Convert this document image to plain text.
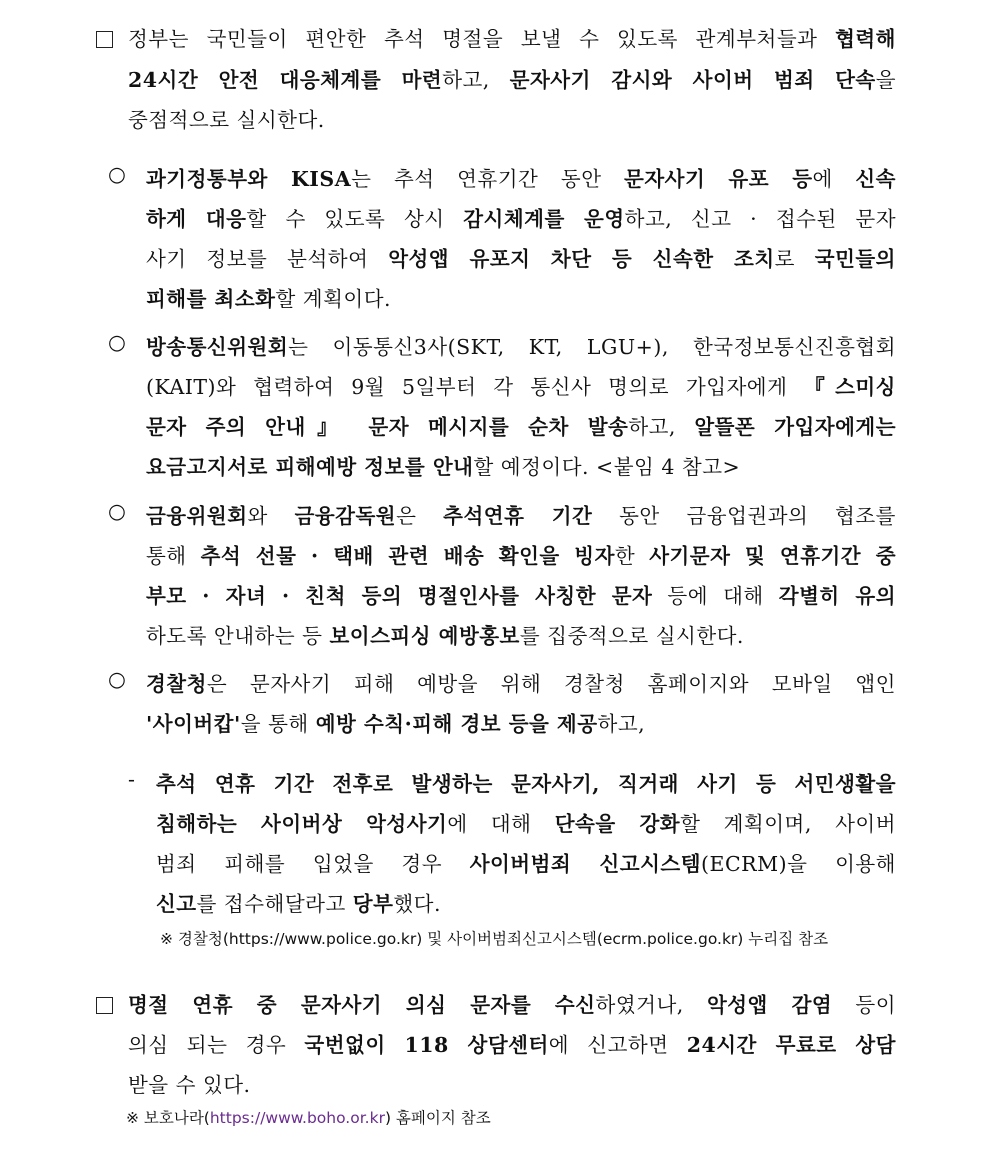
정부는 국민들이 편안한 추석 명절을 보낼 수 있도록 관계부처들과 협력해
24시간 안전 대응체계를 마련하고, 문자사기 감시와 사이버 범죄 단속을
중점적으로 실시한다.
○ 과기정통부와 KISA는 추석 연휴기간 동안 문자사기 유포 등에 신속
하게 대응할 수 있도록 상시 감시체계를 운영하고, 신고 · 접수된 문자
사기 정보를 분석하여 악성앱 유포지 차단 등 신속한 조치로 국민들의
피해를 최소화할 계획이다.
○ 방송통신위원회는 이동통신3사(SKT, KT, LGU+), 한국정보통신진흥협회
(KAIT)와 협력하여 9월 5일부터 각 통신사 명의로 가입자에게 『스미싱
문자 주의 안내』 문자 메시지를 순차 발송하고, 알뜰폰 가입자에게는
요금고지서로 피해예방 정보를 안내할 예정이다. <붙임 4 참고>
○ 금융위원회와 금융감독원은 추석연휴 기간 동안 금융업권과의 협조를
통해 추석 선물 · 택배 관련 배송 확인을 빙자한 사기문자 및 연휴기간 중
부모 · 자녀 · 친척 등의 명절인사를 사칭한 문자 등에 대해 각별히 유의
하도록 안내하는 등 보이스피싱 예방홍보를 집중적으로 실시한다.
○ 경찰청은 문자사기 피해 예방을 위해 경찰청 홈페이지와 모바일 앱인
'사이버캅'을 통해 예방 수칙·피해 경보 등을 제공하고,
- 추석 연휴 기간 전후로 발생하는 문자사기, 직거래 사기 등 서민생활을
침해하는 사이버상 악성사기에 대해 단속을 강화할 계획이며, 사이버
범죄 피해를 입었을 경우 사이버범죄 신고시스템(ECRM)을 이용해
신고를 접수해달라고 당부했다.
※ 경찰청(https://www.police.go.kr) 및 사이버범죄신고시스템(ecrm.police.go.kr) 누리집 참조
명절 연휴 중 문자사기 의심 문자를 수신하였거나, 악성앱 감염 등이
의심 되는 경우 국번없이 118 상담센터에 신고하면 24시간 무료로 상담
받을 수 있다.
※ 보호나라(https://www.boho.or.kr) 홈페이지 참조
